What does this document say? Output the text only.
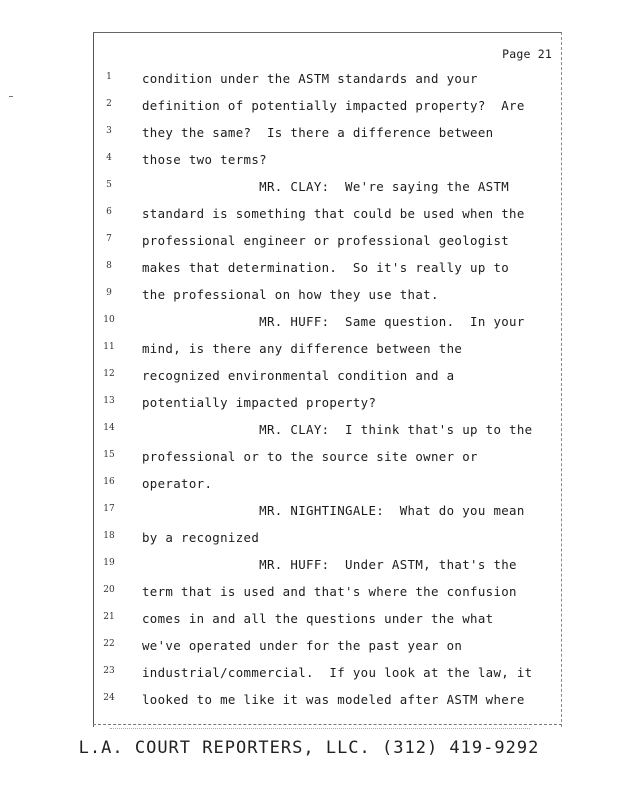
Page 21
1	condition under the ASTM standards and your
2	definition of potentially impacted property?  Are
3	they the same?  Is there a difference between
4	those two terms?
5	MR. CLAY:  We're saying the ASTM
6	standard is something that could be used when the
7	professional engineer or professional geologist
8	makes that determination.  So it's really up to
9	the professional on how they use that.
10	MR. HUFF:  Same question.  In your
11	mind, is there any difference between the
12	recognized environmental condition and a
13	potentially impacted property?
14	MR. CLAY:  I think that's up to the
15	professional or to the source site owner or
16	operator.
17	MR. NIGHTINGALE:  What do you mean
18	by a recognized
19	MR. HUFF:  Under ASTM, that's the
20	term that is used and that's where the confusion
21	comes in and all the questions under the what
22	we've operated under for the past year on
23	industrial/commercial.  If you look at the law, it
24	looked to me like it was modeled after ASTM where
L.A. COURT REPORTERS, LLC. (312) 419-9292
